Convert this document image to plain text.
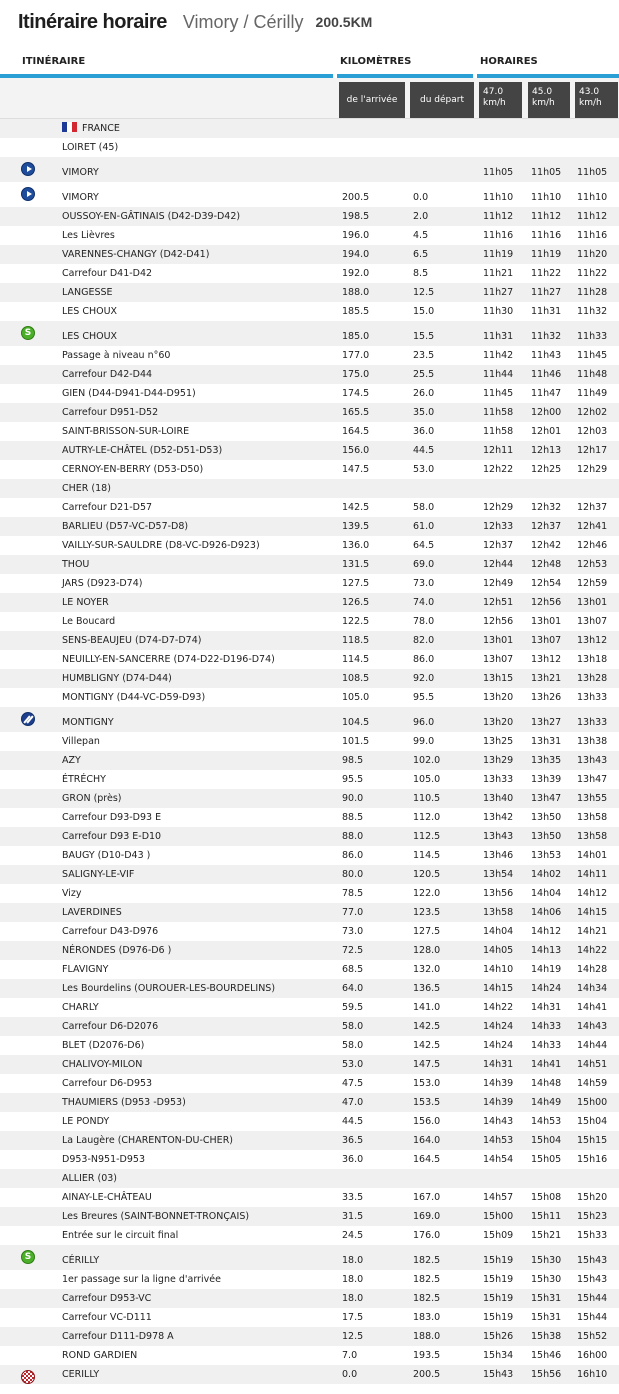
Itinéraire horaire Vimory / Cérilly 200.5KM
ITINÉRAIRE	KILOMÈTRES	HORAIRES
de l'arrivée	du départ
47.0
km/h
45.0
km/h
43.0
km/h
FRANCE
LOIRET (45)
VIMORY	11h05 11h05 11h05
VIMORY	200.5	0.0	11h10 11h10 11h10
OUSSOY-EN-GÂTINAIS (D42-D39-D42)	198.5	2.0	11h12 11h12 11h12
Les Lièvres	196.0	4.5	11h16 11h16 11h16
VARENNES-CHANGY (D42-D41)	194.0	6.5	11h19 11h19 11h20
Carrefour D41-D42	192.0	8.5	11h21 11h22 11h22
LANGESSE	188.0	12.5	11h27 11h27 11h28
LES CHOUX	185.5	15.0	11h30 11h31 11h32
S	LES CHOUX	185.0	15.5	11h31 11h32 11h33
Passage à niveau n°60	177.0	23.5	11h42 11h43 11h45
Carrefour D42-D44	175.0	25.5	11h44 11h46 11h48
GIEN (D44-D941-D44-D951)	174.5	26.0	11h45 11h47 11h49
Carrefour D951-D52	165.5	35.0	11h58 12h00 12h02
SAINT-BRISSON-SUR-LOIRE	164.5	36.0	11h58 12h01 12h03
AUTRY-LE-CHÂTEL (D52-D51-D53)	156.0	44.5	12h11 12h13 12h17
CERNOY-EN-BERRY (D53-D50)	147.5	53.0	12h22 12h25 12h29
CHER (18)
Carrefour D21-D57	142.5	58.0	12h29 12h32 12h37
BARLIEU (D57-VC-D57-D8)	139.5	61.0	12h33 12h37 12h41
VAILLY-SUR-SAULDRE (D8-VC-D926-D923)	136.0	64.5	12h37 12h42 12h46
THOU	131.5	69.0	12h44 12h48 12h53
JARS (D923-D74)	127.5	73.0	12h49 12h54 12h59
LE NOYER	126.5	74.0	12h51 12h56 13h01
Le Boucard	122.5	78.0	12h56 13h01 13h07
SENS-BEAUJEU (D74-D7-D74)	118.5	82.0	13h01 13h07 13h12
NEUILLY-EN-SANCERRE (D74-D22-D196-D74)	114.5	86.0	13h07 13h12 13h18
HUMBLIGNY (D74-D44)	108.5	92.0	13h15 13h21 13h28
MONTIGNY (D44-VC-D59-D93)	105.0	95.5	13h20 13h26 13h33
MONTIGNY	104.5	96.0	13h20 13h27 13h33
Villepan	101.5	99.0	13h25 13h31 13h38
AZY	98.5	102.0	13h29 13h35 13h43
ÉTRÉCHY	95.5	105.0	13h33 13h39 13h47
GRON (près)	90.0	110.5	13h40 13h47 13h55
Carrefour D93-D93 E	88.5	112.0	13h42 13h50 13h58
Carrefour D93 E-D10	88.0	112.5	13h43 13h50 13h58
BAUGY (D10-D43 )	86.0	114.5	13h46 13h53 14h01
SALIGNY-LE-VIF	80.0	120.5	13h54 14h02 14h11
Vizy	78.5	122.0	13h56 14h04 14h12
LAVERDINES	77.0	123.5	13h58 14h06 14h15
Carrefour D43-D976	73.0	127.5	14h04 14h12 14h21
NÉRONDES (D976-D6 )	72.5	128.0	14h05 14h13 14h22
FLAVIGNY	68.5	132.0	14h10 14h19 14h28
Les Bourdelins (OUROUER-LES-BOURDELINS)	64.0	136.5	14h15 14h24 14h34
CHARLY	59.5	141.0	14h22 14h31 14h41
Carrefour D6-D2076	58.0	142.5	14h24 14h33 14h43
BLET (D2076-D6)	58.0	142.5	14h24 14h33 14h44
CHALIVOY-MILON	53.0	147.5	14h31 14h41 14h51
Carrefour D6-D953	47.5	153.0	14h39 14h48 14h59
THAUMIERS (D953 -D953)	47.0	153.5	14h39 14h49 15h00
LE PONDY	44.5	156.0	14h43 14h53 15h04
La Laugère (CHARENTON-DU-CHER)	36.5	164.0	14h53 15h04 15h15
D953-N951-D953	36.0	164.5	14h54 15h05 15h16
ALLIER (03)
AINAY-LE-CHÂTEAU	33.5	167.0	14h57 15h08 15h20
Les Breures (SAINT-BONNET-TRONÇAIS)	31.5	169.0	15h00 15h11 15h23
Entrée sur le circuit final	24.5	176.0	15h09 15h21 15h33
S	CÉRILLY	18.0	182.5	15h19 15h30 15h43
1er passage sur la ligne d'arrivée	18.0	182.5	15h19 15h30 15h43
Carrefour D953-VC	18.0	182.5	15h19 15h31 15h44
Carrefour VC-D111	17.5	183.0	15h19 15h31 15h44
Carrefour D111-D978 A	12.5	188.0	15h26 15h38 15h52
ROND GARDIEN	7.0	193.5	15h34 15h46 16h00
CERILLY	0.0	200.5	15h43 15h56 16h10
